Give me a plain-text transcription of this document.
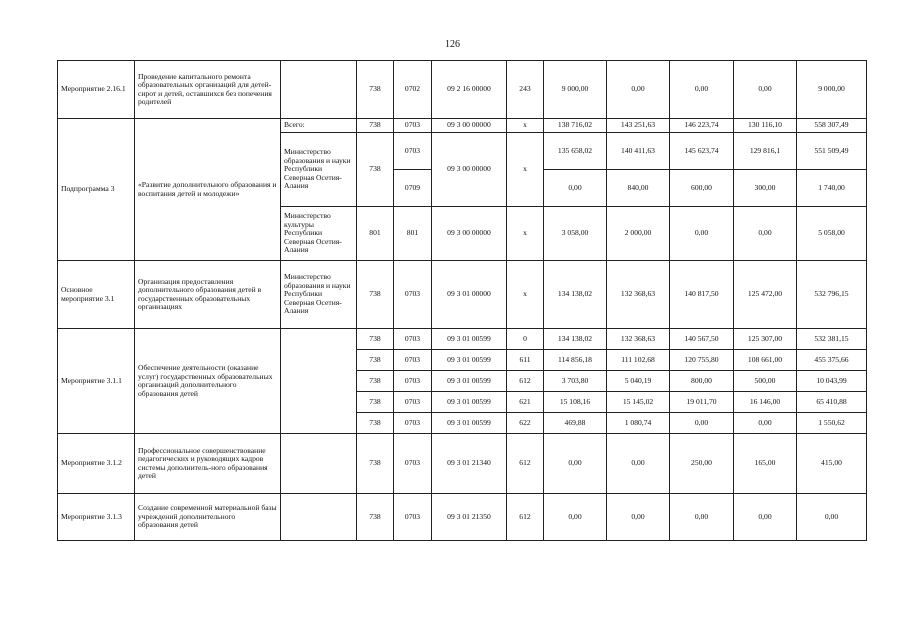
126
Мероприятие 2.16.1	Проведение капитального ремонта образовательных организаций для детей-сирот и детей, оставшихся без попечения родителей		738	0702	09 2 16 00000	243	9 000,00	0,00	0,00	0,00	9 000,00
Подпрограмма 3	«Развитие дополнительного образования и воспитания детей и молодежи»	Всего:	738	0703	09 3 00 00000	х	138 716,02	143 251,63	146 223,74	130 116,10	558 307,49
		Министерство образования и науки Республики Северная Осетия-Алания	738	0703	09 3 00 00000	х	135 658,02	140 411,63	145 623,74	129 816,1	551 509,49
				0709			0,00	840,00	600,00	300,00	1 740,00
		Министерство культуры Республики Северная Осетия-Алания	801	801	09 3 00 00000	х	3 058,00	2 000,00	0,00	0,00	5 058,00

Основное мероприятие 3.1	Организация предоставления дополнительного образования детей в государственных образовательных организациях	Министерство образования и науки Республики Северная Осетия-Алания	738	0703	09 3 01 00000	х	134 138,02	132 368,63	140 817,50	125 472,00	532 796,15
Мероприятие 3.1.1	Обеспечение деятельности (оказание услуг) государственных образовательных организаций дополнительного образования детей		738	0703	09 3 01 00599	0	134 138,02	132 368,63	140 567,50	125 307,00	532 381,15
			738	0703	09 3 01 00599	611	114 856,18	111 102,68	120 755,80	108 661,00	455 375,66
			738	0703	09 3 01 00599	612	3 703,80	5 040,19	800,00	500,00	10 043,99
			738	0703	09 3 01 00599	621	15 108,16	15 145,02	19 011,70	16 146,00	65 410,88
			738	0703	09 3 01 00599	622	469,88	1 080,74	0,00	0,00	1 550,62
Мероприятие 3.1.2	Профессиональное совершенствование педагогических и руководящих кадров системы дополнитель-ного образования детей		738	0703	09 3 01 21340	612	0,00	0,00	250,00	165,00	415,00
Мероприятие 3.1.3	Создание современной материальной базы учреждений дополнительного образования детей		738	0703	09 3 01 21350	612	0,00	0,00	0,00	0,00	0,00
